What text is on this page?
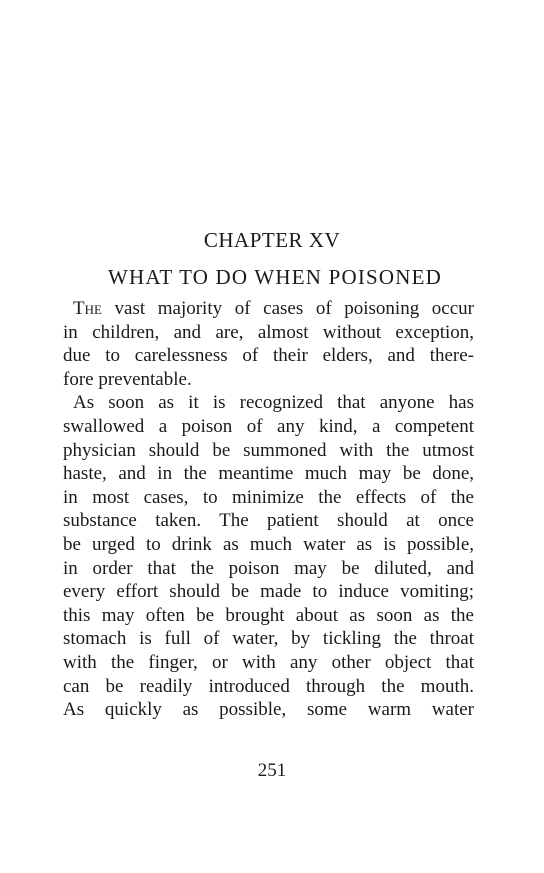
CHAPTER XV
WHAT TO DO WHEN POISONED
The vast majority of cases of poisoning occur
in children, and are, almost without exception,
due to carelessness of their elders, and there-
fore preventable.
As soon as it is recognized that anyone has
swallowed a poison of any kind, a competent
physician should be summoned with the utmost
haste, and in the meantime much may be done,
in most cases, to minimize the effects of the
substance taken. The patient should at once
be urged to drink as much water as is possible,
in order that the poison may be diluted, and
every effort should be made to induce vomiting;
this may often be brought about as soon as the
stomach is full of water, by tickling the throat
with the finger, or with any other object that
can be readily introduced through the mouth.
As quickly as possible, some warm water
251
